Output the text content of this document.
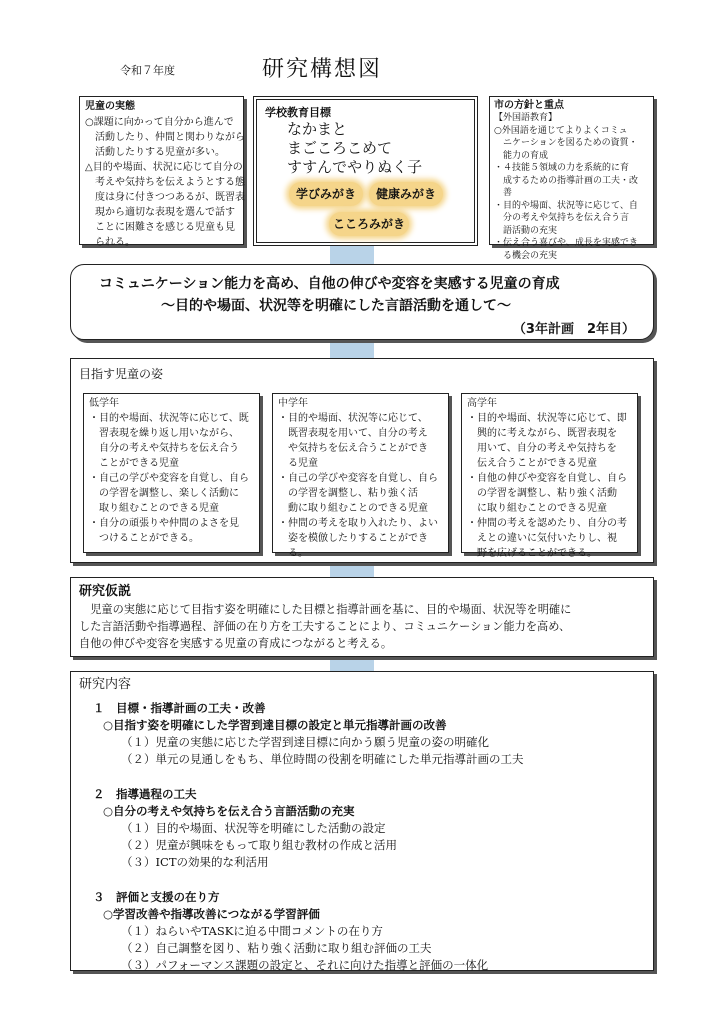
令和７年度	研究構想図
児童の実態
○課題に向かって自分から進んで
　活動したり、仲間と関わりながら
　活動したりする児童が多い。
△目的や場面、状況に応じて自分の
　考えや気持ちを伝えようとする態
　度は身に付きつつあるが、既習表
　現から適切な表現を選んで話す
　ことに困難さを感じる児童も見
　られる。
学校教育目標
なかまと
まごころこめて
すすんでやりぬく子
学びみがき	健康みがき
こころみがき
市の方針と重点
【外国語教育】
○外国語を通じてよりよくコミュ
　ニケーションを図るための資質・
　能力の育成
・４技能５領域の力を系統的に育
　成するための指導計画の工夫・改
　善
・目的や場面、状況等に応じて、自
　分の考えや気持ちを伝え合う言
　語活動の充実
・伝え合う喜びや、成長を実感でき
　る機会の充実
コミュニケーション能力を高め、自他の伸びや変容を実感する児童の育成
～目的や場面、状況等を明確にした言語活動を通して～
（3年計画　2年目）
目指す児童の姿
低学年
・目的や場面、状況等に応じて、既
　習表現を繰り返し用いながら、
　自分の考えや気持ちを伝え合う
　ことができる児童
・自己の学びや変容を自覚し、自ら
　の学習を調整し、楽しく活動に
　取り組むことのできる児童
・自分の頑張りや仲間のよさを見
　つけることができる。
中学年
・目的や場面、状況等に応じて、
　既習表現を用いて、自分の考え
　や気持ちを伝え合うことができ
　る児童
・自己の学びや変容を自覚し、自ら
　の学習を調整し、粘り強く活
　動に取り組むことのできる児童
・仲間の考えを取り入れたり、よい
　姿を模倣したりすることができ
　る。
高学年
・目的や場面、状況等に応じて、即
　興的に考えながら、既習表現を
　用いて、自分の考えや気持ちを
　伝え合うことができる児童
・自他の伸びや変容を自覚し、自ら
　の学習を調整し、粘り強く活動
　に取り組むことのできる児童
・仲間の考えを認めたり、自分の考
　えとの違いに気付いたりし、視
　野を広げることができる。
研究仮説
　児童の実態に応じて目指す姿を明確にした目標と指導計画を基に、目的や場面、状況等を明確に
した言語活動や指導過程、評価の在り方を工夫することにより、コミュニケーション能力を高め、
自他の伸びや変容を実感する児童の育成につながると考える。
研究内容
１　目標・指導計画の工夫・改善
○目指す姿を明確にした学習到達目標の設定と単元指導計画の改善
（１）児童の実態に応じた学習到達目標に向かう願う児童の姿の明確化
（２）単元の見通しをもち、単位時間の役割を明確にした単元指導計画の工夫
２　指導過程の工夫
○自分の考えや気持ちを伝え合う言語活動の充実
（１）目的や場面、状況等を明確にした活動の設定
（２）児童が興味をもって取り組む教材の作成と活用
（３）ICTの効果的な利活用
３　評価と支援の在り方
○学習改善や指導改善につながる学習評価
（１）ねらいやTASKに迫る中間コメントの在り方
（２）自己調整を図り、粘り強く活動に取り組む評価の工夫
（３）パフォーマンス課題の設定と、それに向けた指導と評価の一体化
